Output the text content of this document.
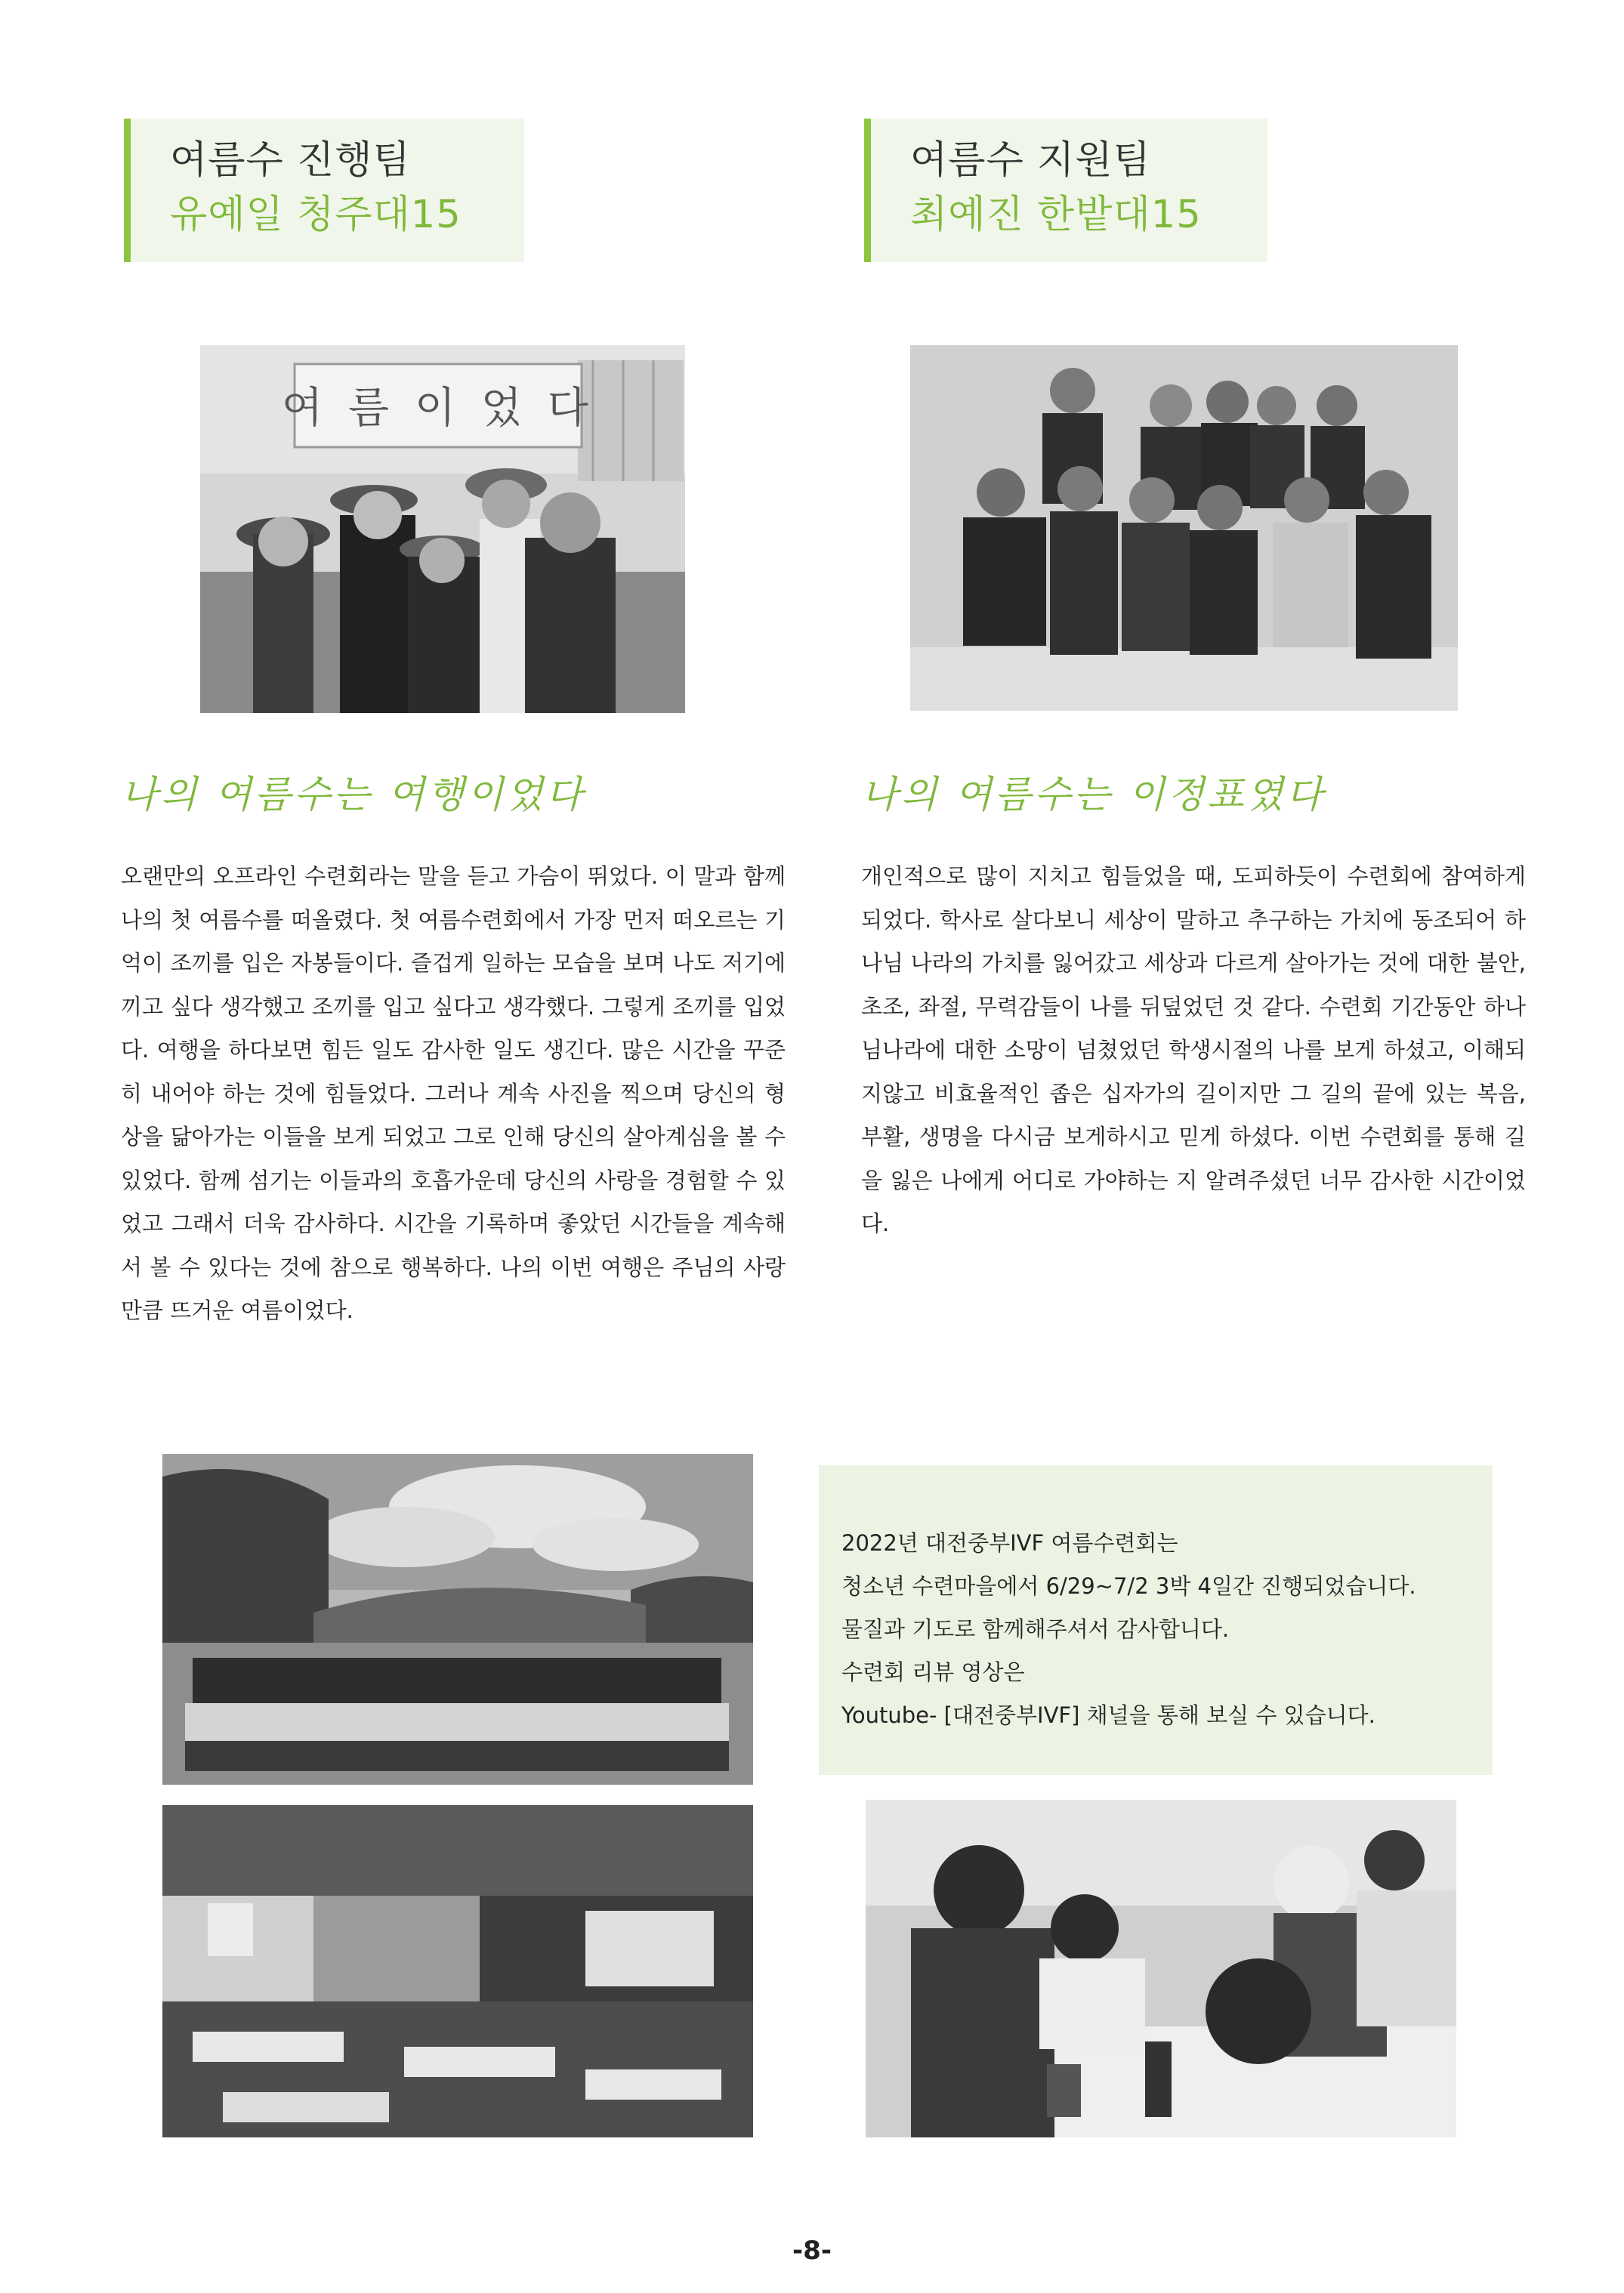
여름수 진행팀
유예일 청주대15
여름수 지원팀
최예진 한밭대15
여 름 이 었 다
나의 여름수는 여행이었다	나의 여름수는 이정표였다

오랜만의 오프라인 수련회라는 말을 듣고 가슴이 뛰었다. 이 말과 함께 나의 첫 여름수를 떠올렸다. 첫 여름수련회에서 가장 먼저 떠오르는 기억이 조끼를 입은 자봉들이다. 즐겁게 일하는 모습을 보며 나도 저기에 끼고 싶다 생각했고 조끼를 입고 싶다고 생각했다. 그렇게 조끼를 입었다. 여행을 하다보면 힘든 일도 감사한 일도 생긴다. 많은 시간을 꾸준히 내어야 하는 것에 힘들었다. 그러나 계속 사진을 찍으며 당신의 형상을 닮아가는 이들을 보게 되었고 그로 인해 당신의 살아계심을 볼 수 있었다. 함께 섬기는 이들과의 호흡가운데 당신의 사랑을 경험할 수 있었고 그래서 더욱 감사하다. 시간을 기록하며 좋았던 시간들을 계속해서 볼 수 있다는 것에 참으로 행복하다. 나의 이번 여행은 주님의 사랑만큼 뜨거운 여름이었다.

개인적으로 많이 지치고 힘들었을 때, 도피하듯이 수련회에 참여하게 되었다. 학사로 살다보니 세상이 말하고 추구하는 가치에 동조되어 하나님 나라의 가치를 잃어갔고 세상과 다르게 살아가는 것에 대한 불안, 초조, 좌절, 무력감들이 나를 뒤덮었던 것 같다. 수련회 기간동안 하나님나라에 대한 소망이 넘쳤었던 학생시절의 나를 보게 하셨고, 이해되지않고 비효율적인 좁은 십자가의 길이지만 그 길의 끝에 있는 복음, 부활, 생명을 다시금 보게하시고 믿게 하셨다. 이번 수련회를 통해 길을 잃은 나에게 어디로 가야하는 지 알려주셨던 너무 감사한 시간이었다.

2022년 대전중부IVF 여름수련회는
청소년 수련마을에서 6/29~7/2 3박 4일간 진행되었습니다.
물질과 기도로 함께해주셔서 감사합니다.
수련회 리뷰 영상은
Youtube- [대전중부IVF] 채널을 통해 보실 수 있습니다.
-8-
